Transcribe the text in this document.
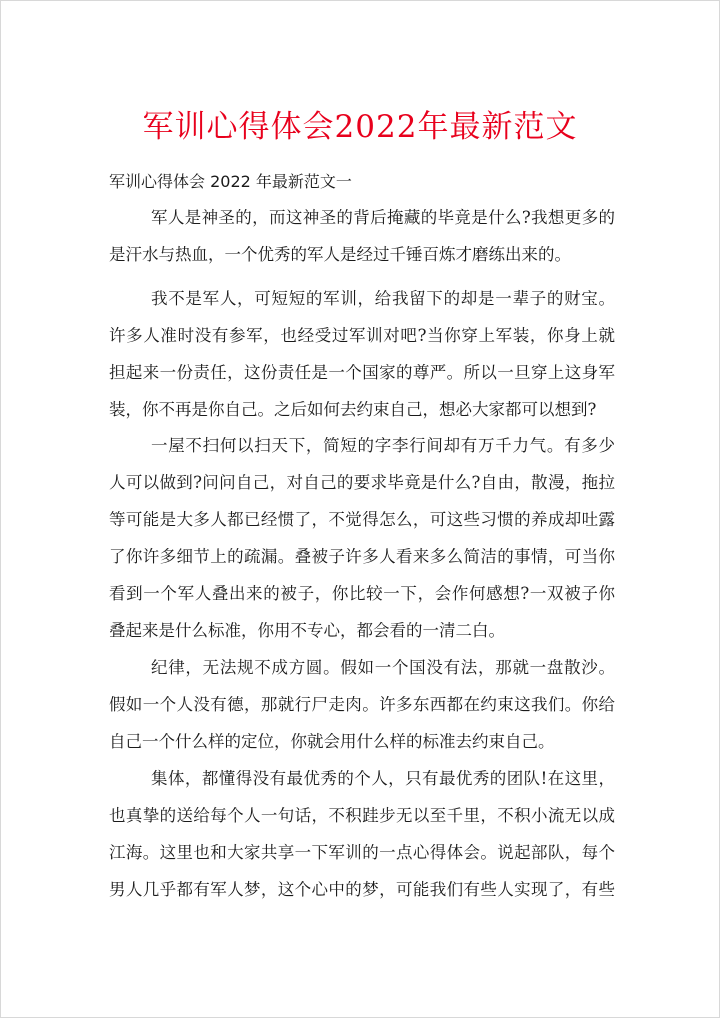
军训心得体会2022年最新范文
军训心得体会 2022 年最新范文一
军人是神圣的，而这神圣的背后掩藏的毕竟是什么?我想更多的
是汗水与热血，一个优秀的军人是经过千锤百炼才磨练出来的。
我不是军人，可短短的军训，给我留下的却是一辈子的财宝。
许多人准时没有参军，也经受过军训对吧?当你穿上军装，你身上就
担起来一份责任，这份责任是一个国家的尊严。所以一旦穿上这身军
装，你不再是你自己。之后如何去约束自己，想必大家都可以想到?
一屋不扫何以扫天下，简短的字李行间却有万千力气。有多少
人可以做到?问问自己，对自己的要求毕竟是什么?自由，散漫，拖拉
等可能是大多人都已经惯了，不觉得怎么，可这些习惯的养成却吐露
了你许多细节上的疏漏。叠被子许多人看来多么简洁的事情，可当你
看到一个军人叠出来的被子，你比较一下，会作何感想?一双被子你
叠起来是什么标准，你用不专心，都会看的一清二白。
纪律，无法规不成方圆。假如一个国没有法，那就一盘散沙。
假如一个人没有德，那就行尸走肉。许多东西都在约束这我们。你给
自己一个什么样的定位，你就会用什么样的标准去约束自己。
集体，都懂得没有最优秀的个人，只有最优秀的团队!在这里，
也真挚的送给每个人一句话，不积跬步无以至千里，不积小流无以成
江海。这里也和大家共享一下军训的一点心得体会。说起部队，每个
男人几乎都有军人梦，这个心中的梦，可能我们有些人实现了，有些
